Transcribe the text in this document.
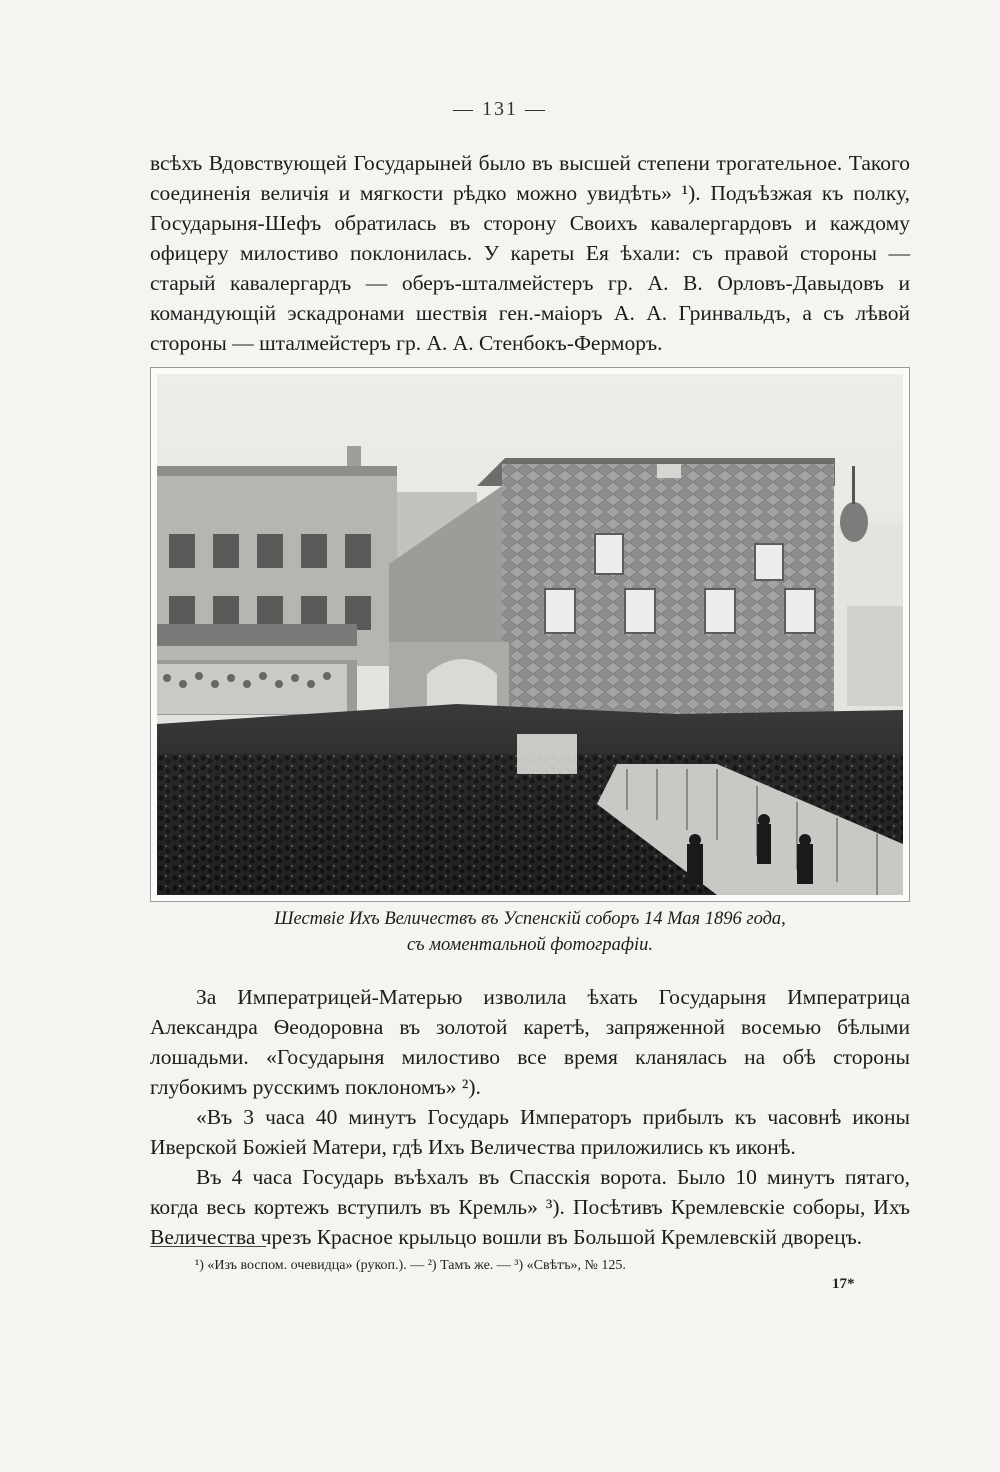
— 131 —

всѣхъ Вдовствующей Государыней было въ высшей степени трогательное. Такого соединенія величія и мягкости рѣдко можно увидѣть» ¹). Подъѣзжая къ полку, Государыня-Шефъ обратилась въ сторону Своихъ кавалергардовъ и каждому офицеру милостиво поклонилась. У кареты Ея ѣхали: съ правой стороны — старый кавалергардъ — оберъ-шталмейстеръ гр. А. В. Орловъ-Давыдовъ и командующій эскадронами шествія ген.-маіоръ А. А. Гринвальдъ, а съ лѣвой стороны — шталмейстеръ гр. А. А. Стенбокъ-Ферморъ.

Шествіе Ихъ Величествъ въ Успенскій соборъ 14 Мая 1896 года,
съ моментальной фотографіи.

За Императрицей-Матерью изволила ѣхать Государыня Императрица Александра Ѳеодоровна въ золотой каретѣ, запряженной восемью бѣлыми лошадьми. «Государыня милостиво все время кланялась на обѣ стороны глубокимъ русскимъ поклономъ» ²).

«Въ 3 часа 40 минутъ Государь Императоръ прибылъ къ часовнѣ иконы Иверской Божіей Матери, гдѣ Ихъ Величества приложились къ иконѣ.

Въ 4 часа Государь въѣхалъ въ Спасскія ворота. Было 10 минутъ пятаго, когда весь кортежъ вступилъ въ Кремль» ³). Посѣтивъ Кремлевскіе соборы, Ихъ Величества чрезъ Красное крыльцо вошли въ Большой Кремлевскій дворецъ.

¹) «Изъ воспом. очевидца» (рукоп.). — ²) Тамъ же. — ³) «Свѣтъ», № 125.
17*
